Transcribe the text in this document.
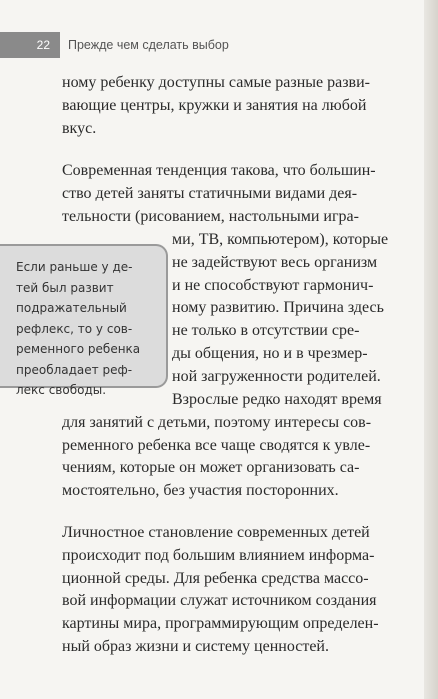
22	Прежде чем сделать выбор

ному ребенку доступны самые разные разви-
вающие центры, кружки и занятия на любой
вкус.

Современная тенденция такова, что большин-
ство детей заняты статичными видами дея-
тельности (рисованием, настольными игра-

ми, ТВ, компьютером), которые
не задействуют весь организм
и не способствуют гармонич-
ному развитию. Причина здесь
не только в отсутствии сре-
ды общения, но и в чрезмер-
ной загруженности родителей.

Взрослые редко находят время
для занятий с детьми, поэтому интересы сов-
ременного ребенка все чаще сводятся к увле-
чениям, которые он может организовать са-
мостоятельно, без участия посторонних.

Личностное становление современных детей
происходит под большим влиянием информа-
ционной среды. Для ребенка средства массо-
вой информации служат источником создания
картины мира, программирующим определен-
ный образ жизни и систему ценностей.

Если раньше у де-
тей был развит
подражательный
рефлекс, то у сов-
ременного ребенка
преобладает реф-
лекс свободы.
